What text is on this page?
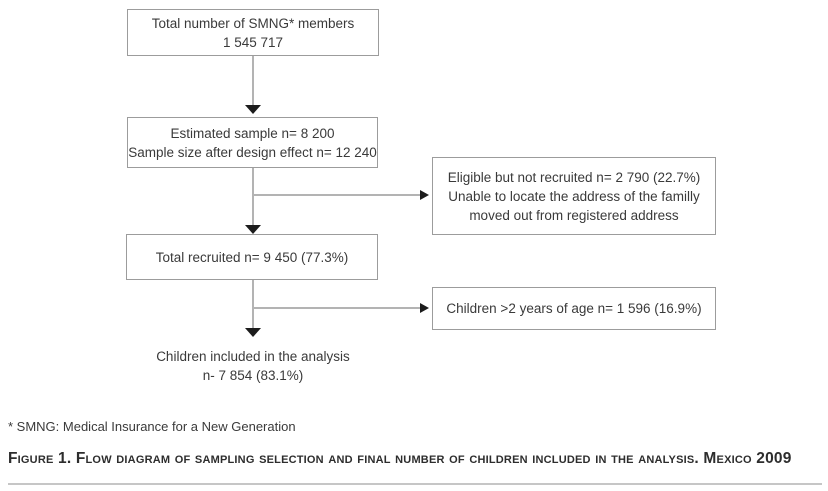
Total number of SMNG* members
1 545 717
Estimated sample n= 8 200
Sample size after design effect n= 12 240
Eligible but not recruited n= 2 790 (22.7%)
Unable to locate the address of the familly
moved out from registered address
Total recruited n= 9 450 (77.3%)
Children >2 years of age n= 1 596 (16.9%)
Children included in the analysis
n- 7 854 (83.1%)
* SMNG: Medical Insurance for a New Generation
Figure 1. Flow diagram of sampling selection and final number of children included in the analysis. Mexico 2009
